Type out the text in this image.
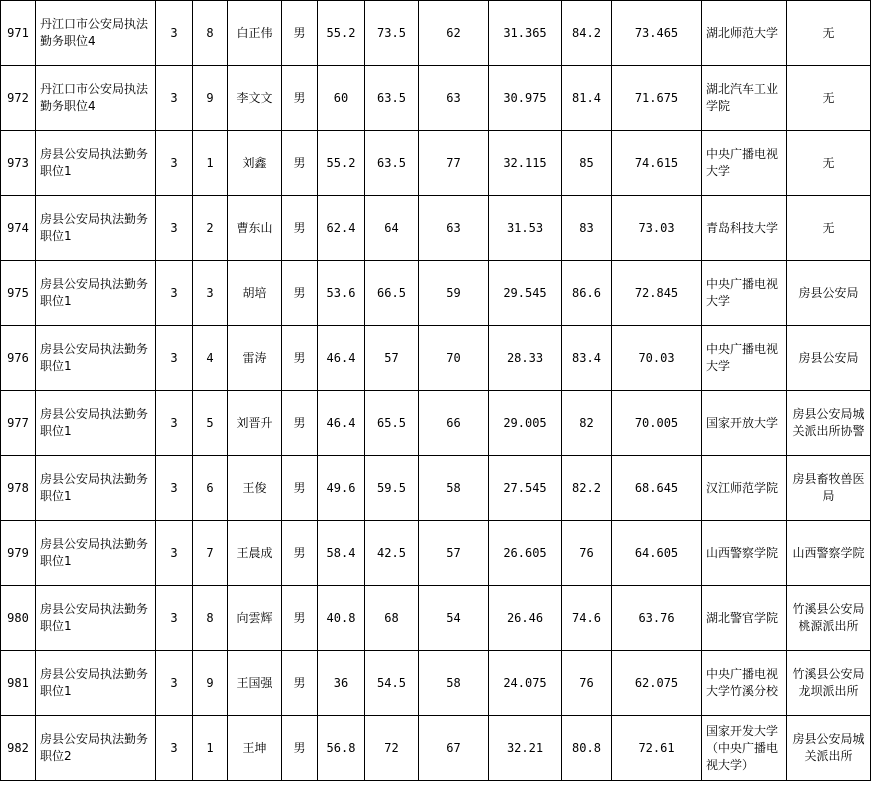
971	丹江口市公安局执法勤务职位4	3	8	白正伟	男	55.2	73.5	62	31.365	84.2	73.465	湖北师范大学	无
972	丹江口市公安局执法勤务职位4	3	9	李文文	男	60	63.5	63	30.975	81.4	71.675	湖北汽车工业学院	无
973	房县公安局执法勤务职位1	3	1	刘鑫	男	55.2	63.5	77	32.115	85	74.615	中央广播电视大学	无
974	房县公安局执法勤务职位1	3	2	曹东山	男	62.4	64	63	31.53	83	73.03	青岛科技大学	无
975	房县公安局执法勤务职位1	3	3	胡培	男	53.6	66.5	59	29.545	86.6	72.845	中央广播电视大学	房县公安局
976	房县公安局执法勤务职位1	3	4	雷涛	男	46.4	57	70	28.33	83.4	70.03	中央广播电视大学	房县公安局
977	房县公安局执法勤务职位1	3	5	刘晋升	男	46.4	65.5	66	29.005	82	70.005	国家开放大学	房县公安局城关派出所协警
978	房县公安局执法勤务职位1	3	6	王俊	男	49.6	59.5	58	27.545	82.2	68.645	汉江师范学院	房县畜牧兽医局
979	房县公安局执法勤务职位1	3	7	王晨成	男	58.4	42.5	57	26.605	76	64.605	山西警察学院	山西警察学院
980	房县公安局执法勤务职位1	3	8	向雲辉	男	40.8	68	54	26.46	74.6	63.76	湖北警官学院	竹溪县公安局桃源派出所
981	房县公安局执法勤务职位1	3	9	王国强	男	36	54.5	58	24.075	76	62.075	中央广播电视大学竹溪分校	竹溪县公安局龙坝派出所
982	房县公安局执法勤务职位2	3	1	王坤	男	56.8	72	67	32.21	80.8	72.61	国家开发大学（中央广播电视大学）	房县公安局城关派出所
